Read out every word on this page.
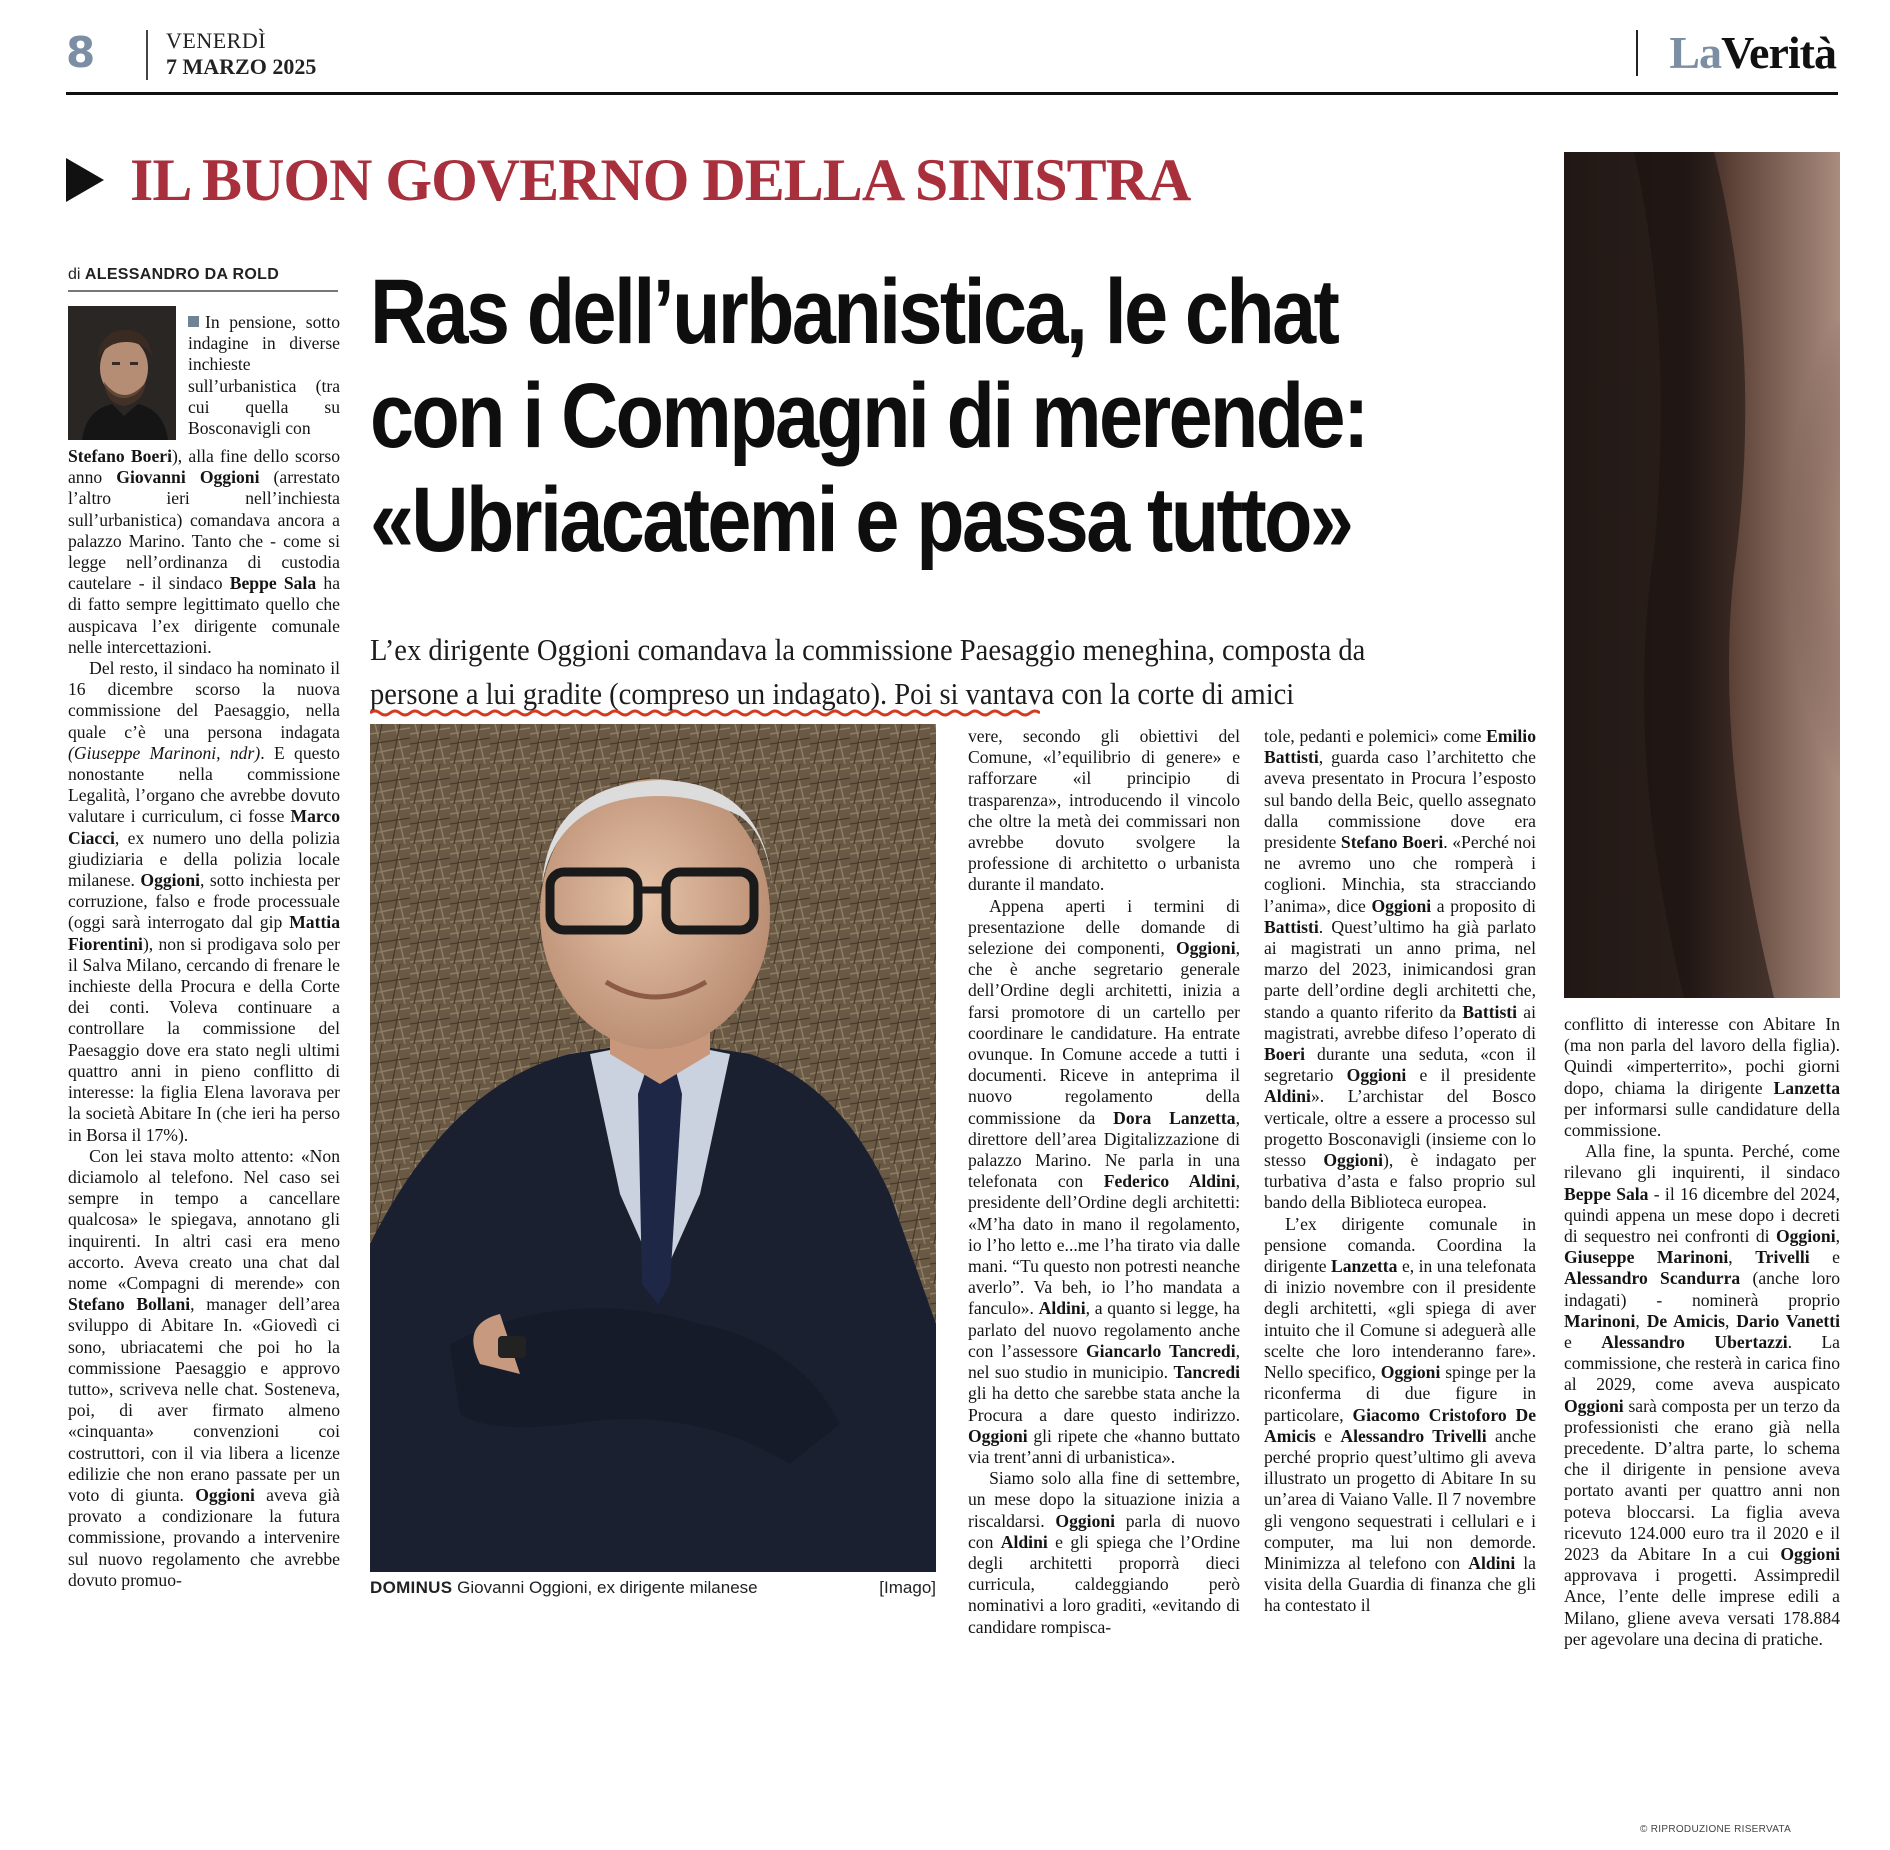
8	VENERDÌ
7 MARZO 2025	LaVerità
IL BUON GOVERNO DELLA SINISTRA
di ALESSANDRO DA ROLD Ras dell’urbanistica, le chat
con i Compagni di merende:
«Ubriacatemi e passa tutto»
L’ex dirigente Oggioni comandava la commissione Paesaggio meneghina, composta da persone a lui gradite (compreso un indagato). Poi si vantava con la corte di amici
DOMINUS Giovanni Oggioni, ex dirigente milanese	[Imago]

In pensione, sotto indagine in diverse inchieste sull’urbanistica (tra cui quella su Bosconavigli con

Stefano Boeri), alla fine dello scorso anno Giovanni Oggioni (arrestato l’altro ieri nell’inchiesta sull’urbanistica) comandava ancora a palazzo Marino. Tanto che - come si legge nell’ordinanza di custodia cautelare - il sindaco Beppe Sala ha di fatto sempre legittimato quello che auspicava l’ex dirigente comunale nelle intercettazioni.

Del resto, il sindaco ha nominato il 16 dicembre scorso la nuova commissione del Paesaggio, nella quale c’è una persona indagata (Giuseppe Marinoni, ndr). E questo nonostante nella commissione Legalità, l’organo che avrebbe dovuto valutare i curriculum, ci fosse Marco Ciacci, ex numero uno della polizia giudiziaria e della polizia locale milanese. Oggioni, sotto inchiesta per corruzione, falso e frode processuale (oggi sarà interrogato dal gip Mattia Fiorentini), non si prodigava solo per il Salva Milano, cercando di frenare le inchieste della Procura e della Corte dei conti. Voleva continuare a controllare la commissione del Paesaggio dove era stato negli ultimi quattro anni in pieno conflitto di interesse: la figlia Elena lavorava per la società Abitare In (che ieri ha perso in Borsa il 17%).

Con lei stava molto attento: «Non diciamolo al telefono. Nel caso sei sempre in tempo a cancellare qualcosa» le spiegava, annotano gli inquirenti. In altri casi era meno accorto. Aveva creato una chat dal nome «Compagni di merende» con Stefano Bollani, manager dell’area sviluppo di Abitare In. «Giovedì ci sono, ubriacatemi che poi ho la commissione Paesaggio e approvo tutto», scriveva nelle chat. Sosteneva, poi, di aver firmato almeno «cinquanta» convenzioni coi costruttori, con il via libera a licenze edilizie che non erano passate per un voto di giunta. Oggioni aveva già provato a condizionare la futura commissione, provando a intervenire sul nuovo regolamento che avrebbe dovuto promuo-

vere, secondo gli obiettivi del Comune, «l’equilibrio di genere» e rafforzare «il principio di trasparenza», introducendo il vincolo che oltre la metà dei commissari non avrebbe dovuto svolgere la professione di architetto o urbanista durante il mandato.

Appena aperti i termini di presentazione delle domande di selezione dei componenti, Oggioni, che è anche segretario generale dell’Ordine degli architetti, inizia a farsi promotore di un cartello per coordinare le candidature. Ha entrate ovunque. In Comune accede a tutti i documenti. Riceve in anteprima il nuovo regolamento della commissione da Dora Lanzetta, direttore dell’area Digitalizzazione di palazzo Marino. Ne parla in una telefonata con Federico Aldini, presidente dell’Ordine degli architetti: «M’ha dato in mano il regolamento, io l’ho letto e...me l’ha tirato via dalle mani. “Tu questo non potresti neanche averlo”. Va beh, io l’ho mandata a fanculo». Aldini, a quanto si legge, ha parlato del nuovo regolamento anche con l’assessore Giancarlo Tancredi, nel suo studio in municipio. Tancredi gli ha detto che sarebbe stata anche la Procura a dare questo indirizzo. Oggioni gli ripete che «hanno buttato via trent’anni di urbanistica».

Siamo solo alla fine di settembre, un mese dopo la situazione inizia a riscaldarsi. Oggioni parla di nuovo con Aldini e gli spiega che l’Ordine degli architetti proporrà dieci curricula, caldeggiando però nominativi a loro graditi, «evitando di candidare rompisca-

tole, pedanti e polemici» come Emilio Battisti, guarda caso l’architetto che aveva presentato in Procura l’esposto sul bando della Beic, quello assegnato dalla commissione dove era presidente Stefano Boeri. «Perché noi ne avremo uno che romperà i coglioni. Minchia, sta stracciando l’anima», dice Oggioni a proposito di Battisti. Quest’ultimo ha già parlato ai magistrati un anno prima, nel marzo del 2023, inimicandosi gran parte dell’ordine degli architetti che, stando a quanto riferito da Battisti ai magistrati, avrebbe difeso l’operato di Boeri durante una seduta, «con il segretario Oggioni e il presidente Aldini». L’archistar del Bosco verticale, oltre a essere a processo sul progetto Bosconavigli (insieme con lo stesso Oggioni), è indagato per turbativa d’asta e falso proprio sul bando della Biblioteca europea.

L’ex dirigente comunale in pensione comanda. Coordina la dirigente Lanzetta e, in una telefonata di inizio novembre con il presidente degli architetti, «gli spiega di aver intuito che il Comune si adeguerà alle scelte che loro intenderanno fare». Nello specifico, Oggioni spinge per la riconferma di due figure in particolare, Giacomo Cristoforo De Amicis e Alessandro Trivelli anche perché proprio quest’ultimo gli aveva illustrato un progetto di Abitare In su un’area di Vaiano Valle. Il 7 novembre gli vengono sequestrati i cellulari e i computer, ma lui non demorde. Minimizza al telefono con Aldini la visita della Guardia di finanza che gli ha contestato il

conflitto di interesse con Abitare In (ma non parla del lavoro della figlia). Quindi «imperterrito», pochi giorni dopo, chiama la dirigente Lanzetta per informarsi sulle candidature della commissione.

Alla fine, la spunta. Perché, come rilevano gli inquirenti, il sindaco Beppe Sala - il 16 dicembre del 2024, quindi appena un mese dopo i decreti di sequestro nei confronti di Oggioni, Giuseppe Marinoni, Trivelli e Alessandro Scandurra (anche loro indagati) - nominerà proprio Marinoni, De Amicis, Dario Vanetti e Alessandro Ubertazzi. La commissione, che resterà in carica fino al 2029, come aveva auspicato Oggioni sarà composta per un terzo da professionisti che erano già nella precedente. D’altra parte, lo schema che il dirigente in pensione aveva portato avanti per quattro anni non poteva bloccarsi. La figlia aveva ricevuto 124.000 euro tra il 2020 e il 2023 da Abitare In a cui Oggioni approvava i progetti. Assimpredil Ance, l’ente delle imprese edili a Milano, gliene aveva versati 178.884 per agevolare una decina di pratiche.

© RIPRODUZIONE RISERVATA
